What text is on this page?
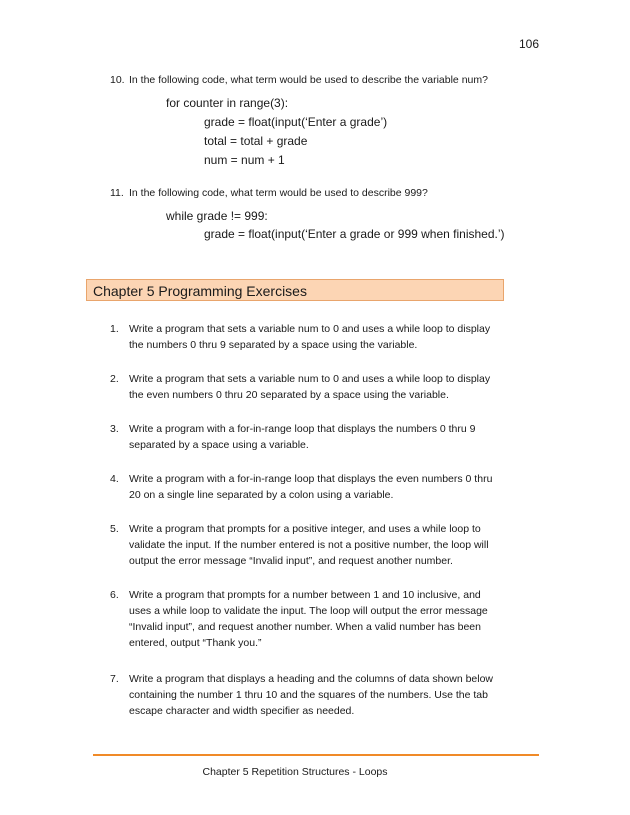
106
10. In the following code, what term would be used to describe the variable num?
for counter in range(3):
grade = float(input(‘Enter a grade’)
total = total + grade
num = num + 1
11. In the following code, what term would be used to describe 999?
while grade != 999:
grade = float(input(‘Enter a grade or 999 when finished.’)
Chapter 5 Programming Exercises
1. Write a program that sets a variable num to 0 and uses a while loop to display
the numbers 0 thru 9 separated by a space using the variable.
2. Write a program that sets a variable num to 0 and uses a while loop to display
the even numbers 0 thru 20 separated by a space using the variable.
3. Write a program with a for-in-range loop that displays the numbers 0 thru 9
separated by a space using a variable.
4. Write a program with a for-in-range loop that displays the even numbers 0 thru
20 on a single line separated by a colon using a variable.
5. Write a program that prompts for a positive integer, and uses a while loop to
validate the input. If the number entered is not a positive number, the loop will
output the error message “Invalid input”, and request another number.
6. Write a program that prompts for a number between 1 and 10 inclusive, and
uses a while loop to validate the input. The loop will output the error message
“Invalid input”, and request another number. When a valid number has been
entered, output “Thank you.”
7. Write a program that displays a heading and the columns of data shown below
containing the number 1 thru 10 and the squares of the numbers. Use the tab
escape character and width specifier as needed.
Chapter 5 Repetition Structures - Loops
